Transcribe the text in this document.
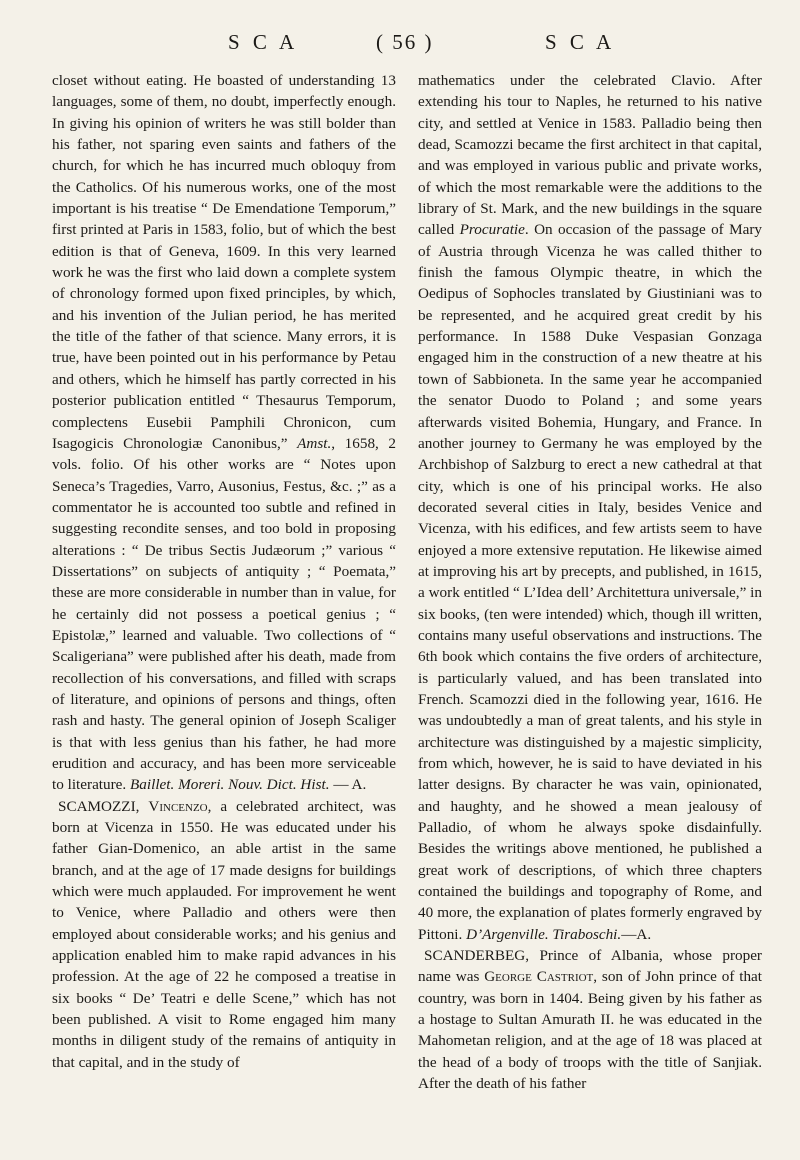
S C A	( 56 )	S C A

closet without eating. He boasted of understanding 13 languages, some of them, no doubt, imperfectly enough. In giving his opinion of writers he was still bolder than his father, not sparing even saints and fathers of the church, for which he has incurred much obloquy from the Catholics. Of his numerous works, one of the most important is his treatise “ De Emendatione Temporum,” first printed at Paris in 1583, folio, but of which the best edition is that of Geneva, 1609. In this very learned work he was the first who laid down a complete system of chronology formed upon fixed principles, by which, and his invention of the Julian period, he has merited the title of the father of that science. Many errors, it is true, have been pointed out in his performance by Petau and others, which he himself has partly corrected in his posterior publication entitled “ Thesaurus Temporum, complectens Eusebii Pamphili Chronicon, cum Isagogicis Chronologiæ Canonibus,” Amst., 1658, 2 vols. folio. Of his other works are “ Notes upon Seneca’s Tragedies, Varro, Ausonius, Festus, &c. ;” as a commentator he is accounted too subtle and refined in suggesting recondite senses, and too bold in proposing alterations : “ De tribus Sectis Judæorum ;” various “ Dissertations” on subjects of antiquity ; “ Poemata,” these are more considerable in number than in value, for he certainly did not possess a poetical genius ; “ Epistolæ,” learned and valuable. Two collections of “ Scaligeriana” were published after his death, made from recollection of his conversations, and filled with scraps of literature, and opinions of persons and things, often rash and hasty. The general opinion of Joseph Scaliger is that with less genius than his father, he had more erudition and accuracy, and has been more serviceable to literature. Baillet. Moreri. Nouv. Dict. Hist. — A.

SCAMOZZI, Vincenzo, a celebrated architect, was born at Vicenza in 1550. He was educated under his father Gian-Domenico, an able artist in the same branch, and at the age of 17 made designs for buildings which were much applauded. For improvement he went to Venice, where Palladio and others were then employed about considerable works; and his genius and application enabled him to make rapid advances in his profession. At the age of 22 he composed a treatise in six books “ De’ Teatri e delle Scene,” which has not been published. A visit to Rome engaged him many months in diligent study of the remains of antiquity in that capital, and in the study of

mathematics under the celebrated Clavio. After extending his tour to Naples, he returned to his native city, and settled at Venice in 1583. Palladio being then dead, Scamozzi became the first architect in that capital, and was employed in various public and private works, of which the most remarkable were the additions to the library of St. Mark, and the new buildings in the square called Procuratie. On occasion of the passage of Mary of Austria through Vicenza he was called thither to finish the famous Olympic theatre, in which the Oedipus of Sophocles translated by Giustiniani was to be represented, and he acquired great credit by his performance. In 1588 Duke Vespasian Gonzaga engaged him in the construction of a new theatre at his town of Sabbioneta. In the same year he accompanied the senator Duodo to Poland ; and some years afterwards visited Bohemia, Hungary, and France. In another journey to Germany he was employed by the Archbishop of Salzburg to erect a new cathedral at that city, which is one of his principal works. He also decorated several cities in Italy, besides Venice and Vicenza, with his edifices, and few artists seem to have enjoyed a more extensive reputation. He likewise aimed at improving his art by precepts, and published, in 1615, a work entitled “ L’Idea dell’ Architettura universale,” in six books, (ten were intended) which, though ill written, contains many useful observations and instructions. The 6th book which contains the five orders of architecture, is particularly valued, and has been translated into French. Scamozzi died in the following year, 1616. He was undoubtedly a man of great talents, and his style in architecture was distinguished by a majestic simplicity, from which, however, he is said to have deviated in his latter designs. By character he was vain, opinionated, and haughty, and he showed a mean jealousy of Palladio, of whom he always spoke disdainfully. Besides the writings above mentioned, he published a great work of descriptions, of which three chapters contained the buildings and topography of Rome, and 40 more, the explanation of plates formerly engraved by Pittoni. D’Argenville. Tiraboschi.—A.

SCANDERBEG, Prince of Albania, whose proper name was George Castriot, son of John prince of that country, was born in 1404. Being given by his father as a hostage to Sultan Amurath II. he was educated in the Mahometan religion, and at the age of 18 was placed at the head of a body of troops with the title of Sanjiak. After the death of his father
